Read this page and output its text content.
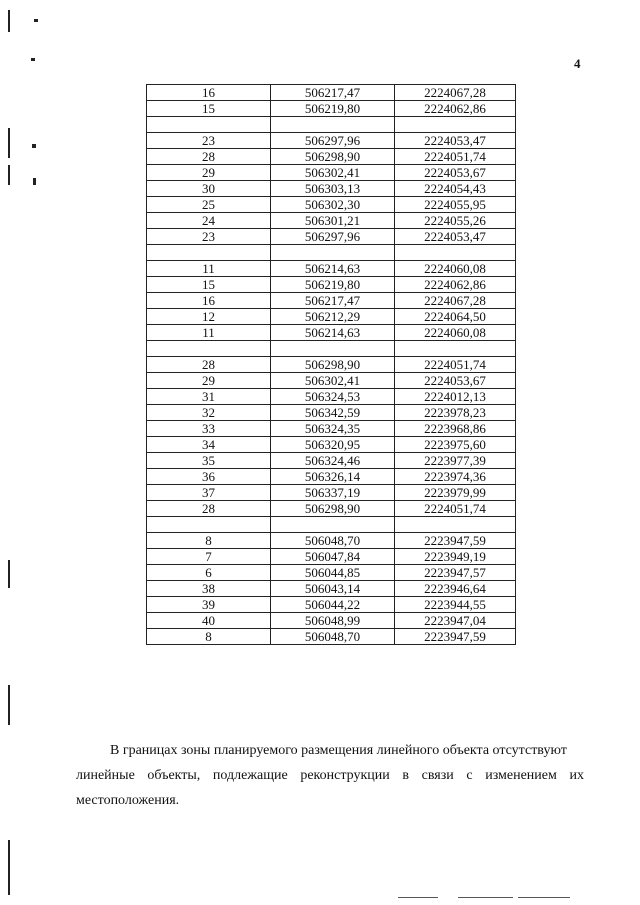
4
16	506217,47	2224067,28
15	506219,80	2224062,86

23	506297,96	2224053,47
28	506298,90	2224051,74
29	506302,41	2224053,67
30	506303,13	2224054,43
25	506302,30	2224055,95
24	506301,21	2224055,26
23	506297,96	2224053,47

11	506214,63	2224060,08
15	506219,80	2224062,86
16	506217,47	2224067,28
12	506212,29	2224064,50
11	506214,63	2224060,08

28	506298,90	2224051,74
29	506302,41	2224053,67
31	506324,53	2224012,13
32	506342,59	2223978,23
33	506324,35	2223968,86
34	506320,95	2223975,60
35	506324,46	2223977,39
36	506326,14	2223974,36
37	506337,19	2223979,99
28	506298,90	2224051,74

8	506048,70	2223947,59
7	506047,84	2223949,19
6	506044,85	2223947,57
38	506043,14	2223946,64
39	506044,22	2223944,55
40	506048,99	2223947,04
8	506048,70	2223947,59

В границах зоны планируемого размещения линейного объекта отсутствуют
линейные объекты, подлежащие реконструкции в связи с изменением их местоположения.
